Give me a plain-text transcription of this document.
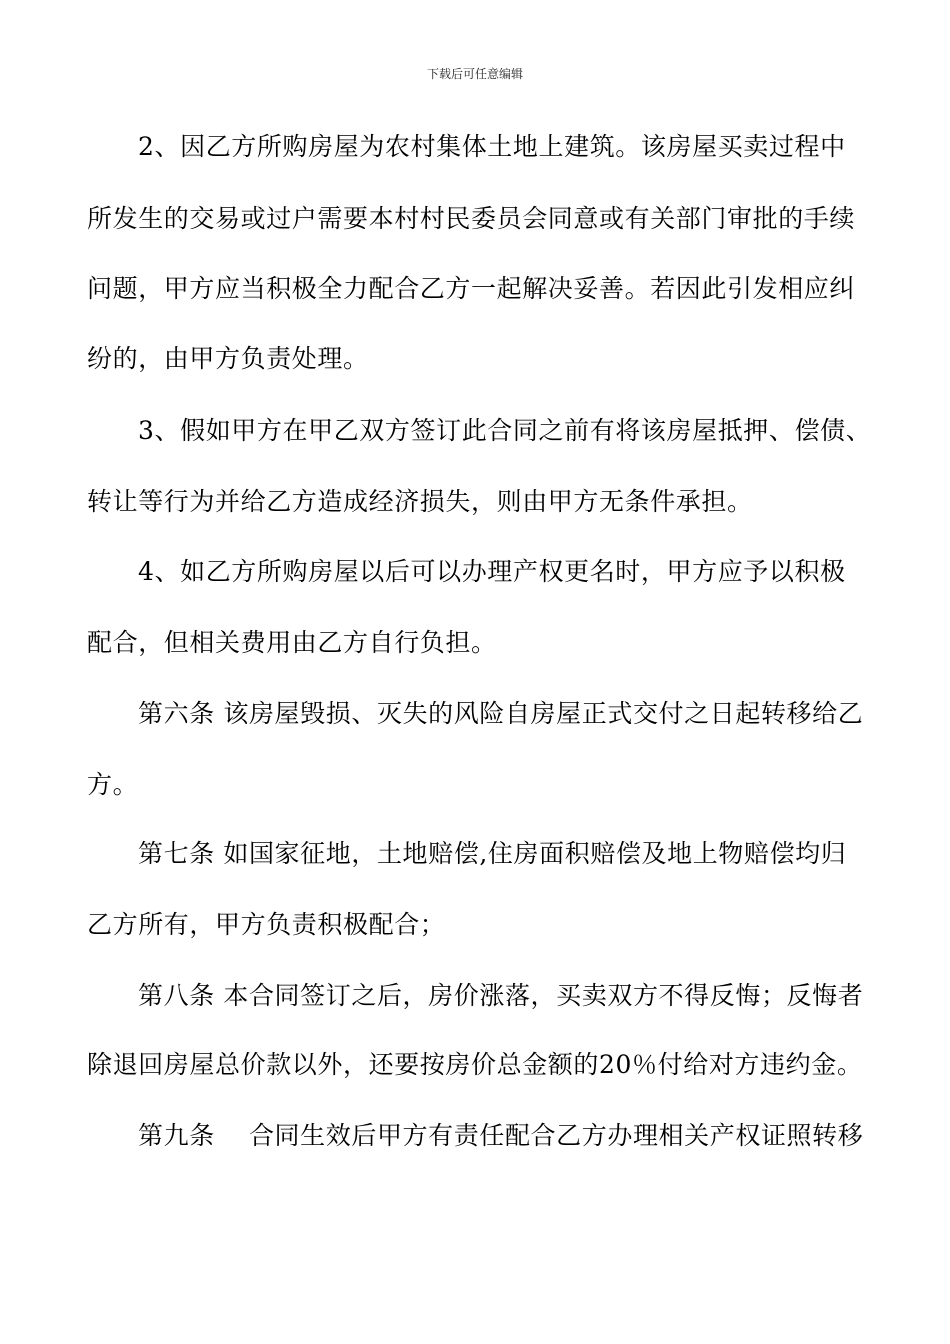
下载后可任意编辑
2、因乙方所购房屋为农村集体土地上建筑。该房屋买卖过程中
所发生的交易或过户需要本村村民委员会同意或有关部门审批的手续
问题，甲方应当积极全力配合乙方一起解决妥善。若因此引发相应纠
纷的，由甲方负责处理。
3、假如甲方在甲乙双方签订此合同之前有将该房屋抵押、偿债、
转让等行为并给乙方造成经济损失，则由甲方无条件承担。
4、如乙方所购房屋以后可以办理产权更名时，甲方应予以积极
配合，但相关费用由乙方自行负担。
第六条 该房屋毁损、灭失的风险自房屋正式交付之日起转移给乙
方。
第七条 如国家征地，土地赔偿,住房面积赔偿及地上物赔偿均归
乙方所有，甲方负责积极配合；
第八条 本合同签订之后，房价涨落，买卖双方不得反悔；反悔者
除退回房屋总价款以外，还要按房价总金额的20％付给对方违约金。
第九条　 合同生效后甲方有责任配合乙方办理相关产权证照转移
